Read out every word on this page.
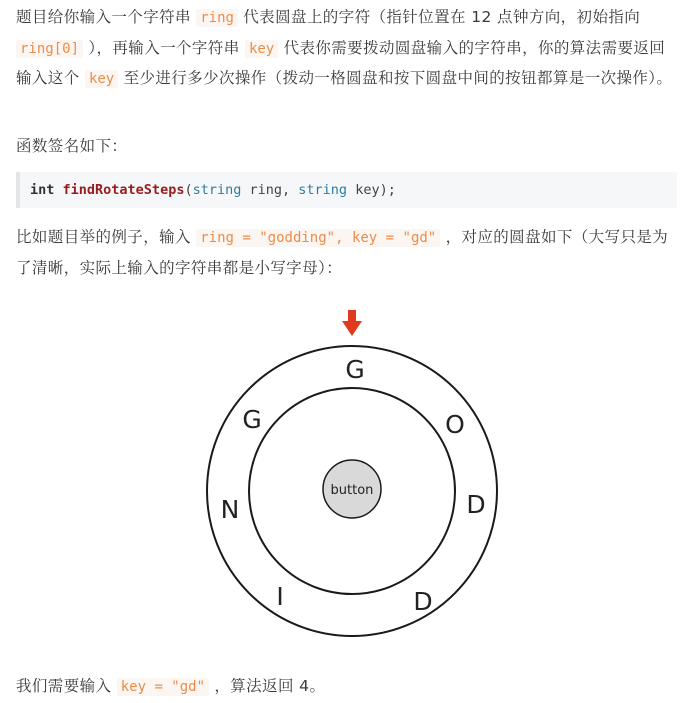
题目给你输入一个字符串 ring 代表圆盘上的字符（指针位置在 12 点钟方向，初始指向 ring[0] ），再输入一个字符串 key 代表你需要拨动圆盘输入的字符串，你的算法需要返回输入这个 key 至少进行多少次操作（拨动一格圆盘和按下圆盘中间的按钮都算是一次操作）。
函数签名如下：
int findRotateSteps(string ring, string key);
比如题目举的例子，输入 ring = "godding", key = "gd" ，对应的圆盘如下（大写只是为了清晰，实际上输入的字符串都是小写字母）：
button
G
O
D
D
I
N
G
我们需要输入 key = "gd" ，算法返回 4。
